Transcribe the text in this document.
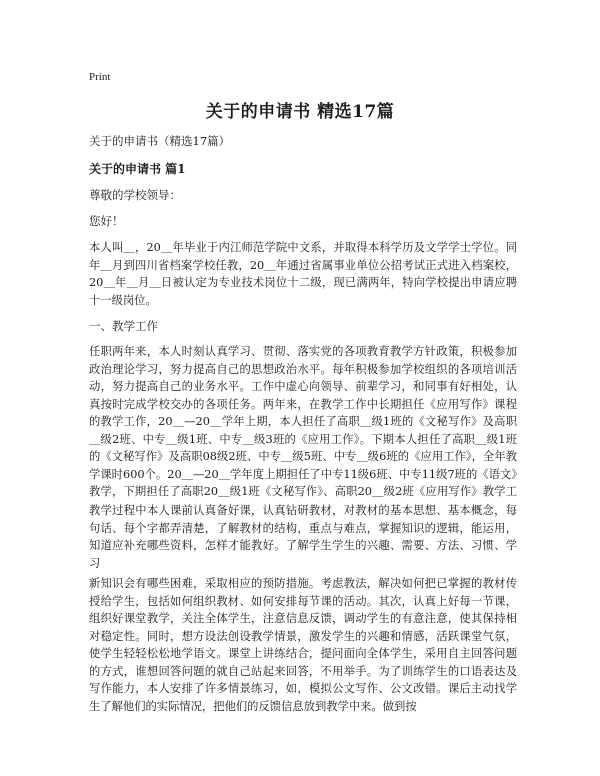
Print
关于的申请书 精选17篇
关于的申请书（精选17篇）
关于的申请书 篇1
尊敬的学校领导：
您好！
本人叫＿，20＿年毕业于内江师范学院中文系，并取得本科学历及文学学士学位。同年＿月到四川省档案学校任教，20＿年通过省属事业单位公招考试正式进入档案校，20＿年＿月＿日被认定为专业技术岗位十二级，现已满两年，特向学校提出申请应聘十一级岗位。
一、教学工作
任职两年来，本人时刻认真学习、贯彻、落实党的各项教育教学方针政策，积极参加政治理论学习，努力提高自己的思想政治水平。每年积极参加学校组织的各项培训活动，努力提高自己的业务水平。工作中虚心向领导、前辈学习，和同事有好相处，认真按时完成学校交办的各项任务。两年来，在教学工作中长期担任《应用写作》课程的教学工作，20＿—20＿学年上期，本人担任了高职＿级1班的《文秘写作》及高职＿级2班、中专＿级1班、中专＿级3班的《应用工作》。下期本人担任了高职＿级1班的《文秘写作》及高职08级2班、中专＿级5班、中专＿级6班的《应用工作》，全年教学课时600个。20＿—20＿学年度上期担任了中专11级6班、中专11级7班的《语文》教学，下期担任了高职20＿级1班《文秘写作》、高职20＿级2班《应用写作》教学工
教学过程中本人课前认真备好课，认真钻研教材，对教材的基本思想、基本概念，每句话、每个字都弄清楚，了解教材的结构，重点与难点，掌握知识的逻辑，能运用，知道应补充哪些资料，怎样才能教好。了解学生学生的兴趣、需要、方法、习惯、学习
新知识会有哪些困难，采取相应的预防措施。考虑教法，解决如何把已掌握的教材传授给学生，包括如何组织教材、如何安排每节课的活动。其次，认真上好每一节课，组织好课堂教学，关注全体学生，注意信息反馈，调动学生的有意注意，使其保持相对稳定性。同时，想方设法创设教学情景，激发学生的兴趣和情感，活跃课堂气氛，使学生轻轻松松地学语文。课堂上讲练结合，提问面向全体学生，采用自主回答问题的方式，谁想回答问题的就自己站起来回答，不用举手。为了训练学生的口语表达及写作能力，本人安排了许多情景练习，如，模拟公文写作、公文改错。课后主动找学生了解他们的实际情况，把他们的反馈信息放到教学中来。做到按
